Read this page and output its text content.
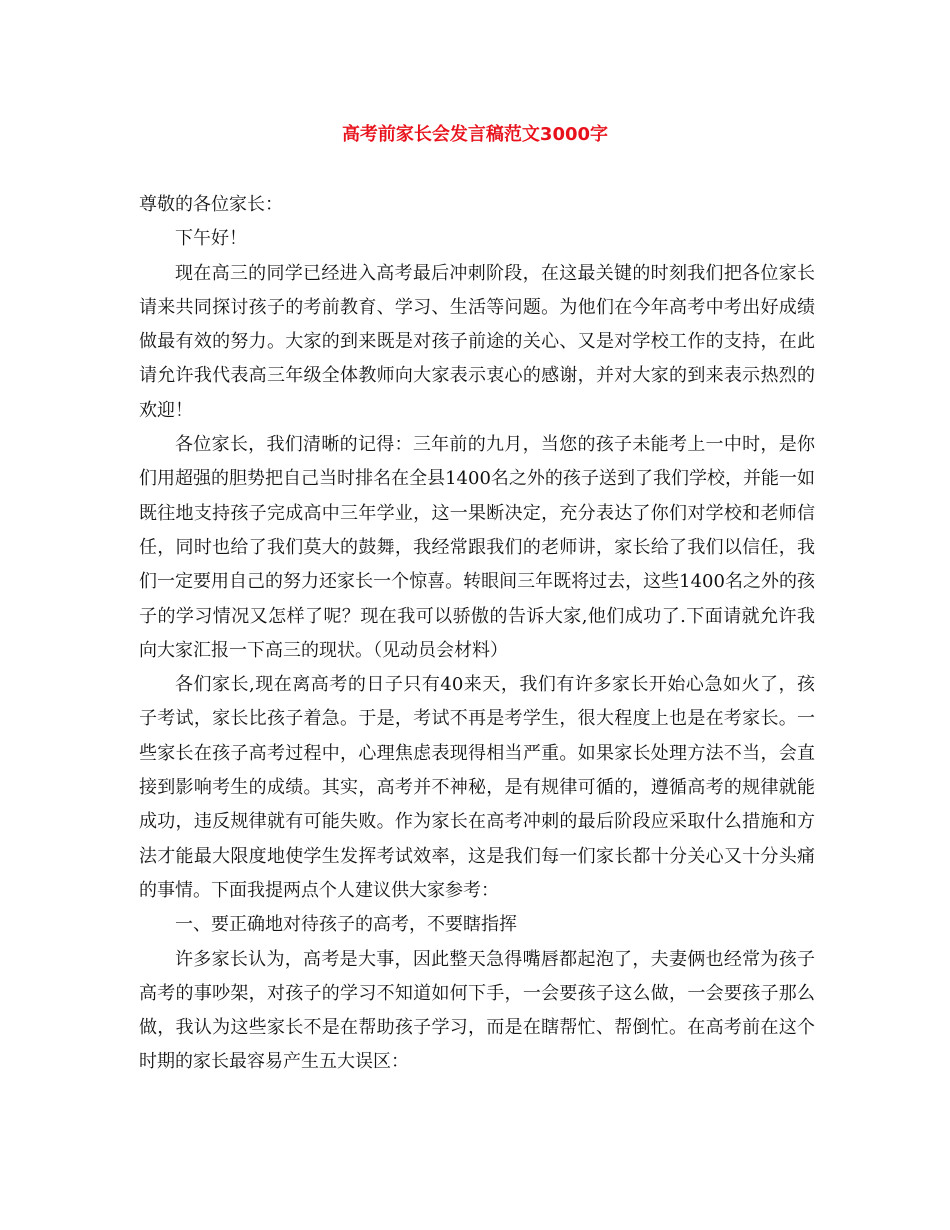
高考前家长会发言稿范文3000字

尊敬的各位家长：

下午好！

现在高三的同学已经进入高考最后冲刺阶段，在这最关键的时刻我们把各位家长请来共同探讨孩子的考前教育、学习、生活等问题。为他们在今年高考中考出好成绩做最有效的努力。大家的到来既是对孩子前途的关心、又是对学校工作的支持，在此请允许我代表高三年级全体教师向大家表示衷心的感谢，并对大家的到来表示热烈的欢迎！

各位家长，我们清晰的记得：三年前的九月，当您的孩子未能考上一中时，是你们用超强的胆势把自己当时排名在全县1400名之外的孩子送到了我们学校，并能一如既往地支持孩子完成高中三年学业，这一果断决定，充分表达了你们对学校和老师信任，同时也给了我们莫大的鼓舞，我经常跟我们的老师讲，家长给了我们以信任，我们一定要用自己的努力还家长一个惊喜。转眼间三年既将过去，这些1400名之外的孩子的学习情况又怎样了呢？现在我可以骄傲的告诉大家,他们成功了.下面请就允许我向大家汇报一下高三的现状。（见动员会材料）

各们家长,现在离高考的日子只有40来天，我们有许多家长开始心急如火了，孩子考试，家长比孩子着急。于是，考试不再是考学生，很大程度上也是在考家长。一些家长在孩子高考过程中，心理焦虑表现得相当严重。如果家长处理方法不当，会直接到影响考生的成绩。其实，高考并不神秘，是有规律可循的，遵循高考的规律就能成功，违反规律就有可能失败。作为家长在高考冲刺的最后阶段应采取什么措施和方法才能最大限度地使学生发挥考试效率，这是我们每一们家长都十分关心又十分头痛的事情。下面我提两点个人建议供大家参考：

一、要正确地对待孩子的高考，不要瞎指挥

许多家长认为，高考是大事，因此整天急得嘴唇都起泡了，夫妻俩也经常为孩子高考的事吵架，对孩子的学习不知道如何下手，一会要孩子这么做，一会要孩子那么做，我认为这些家长不是在帮助孩子学习，而是在瞎帮忙、帮倒忙。在高考前在这个时期的家长最容易产生五大误区：
